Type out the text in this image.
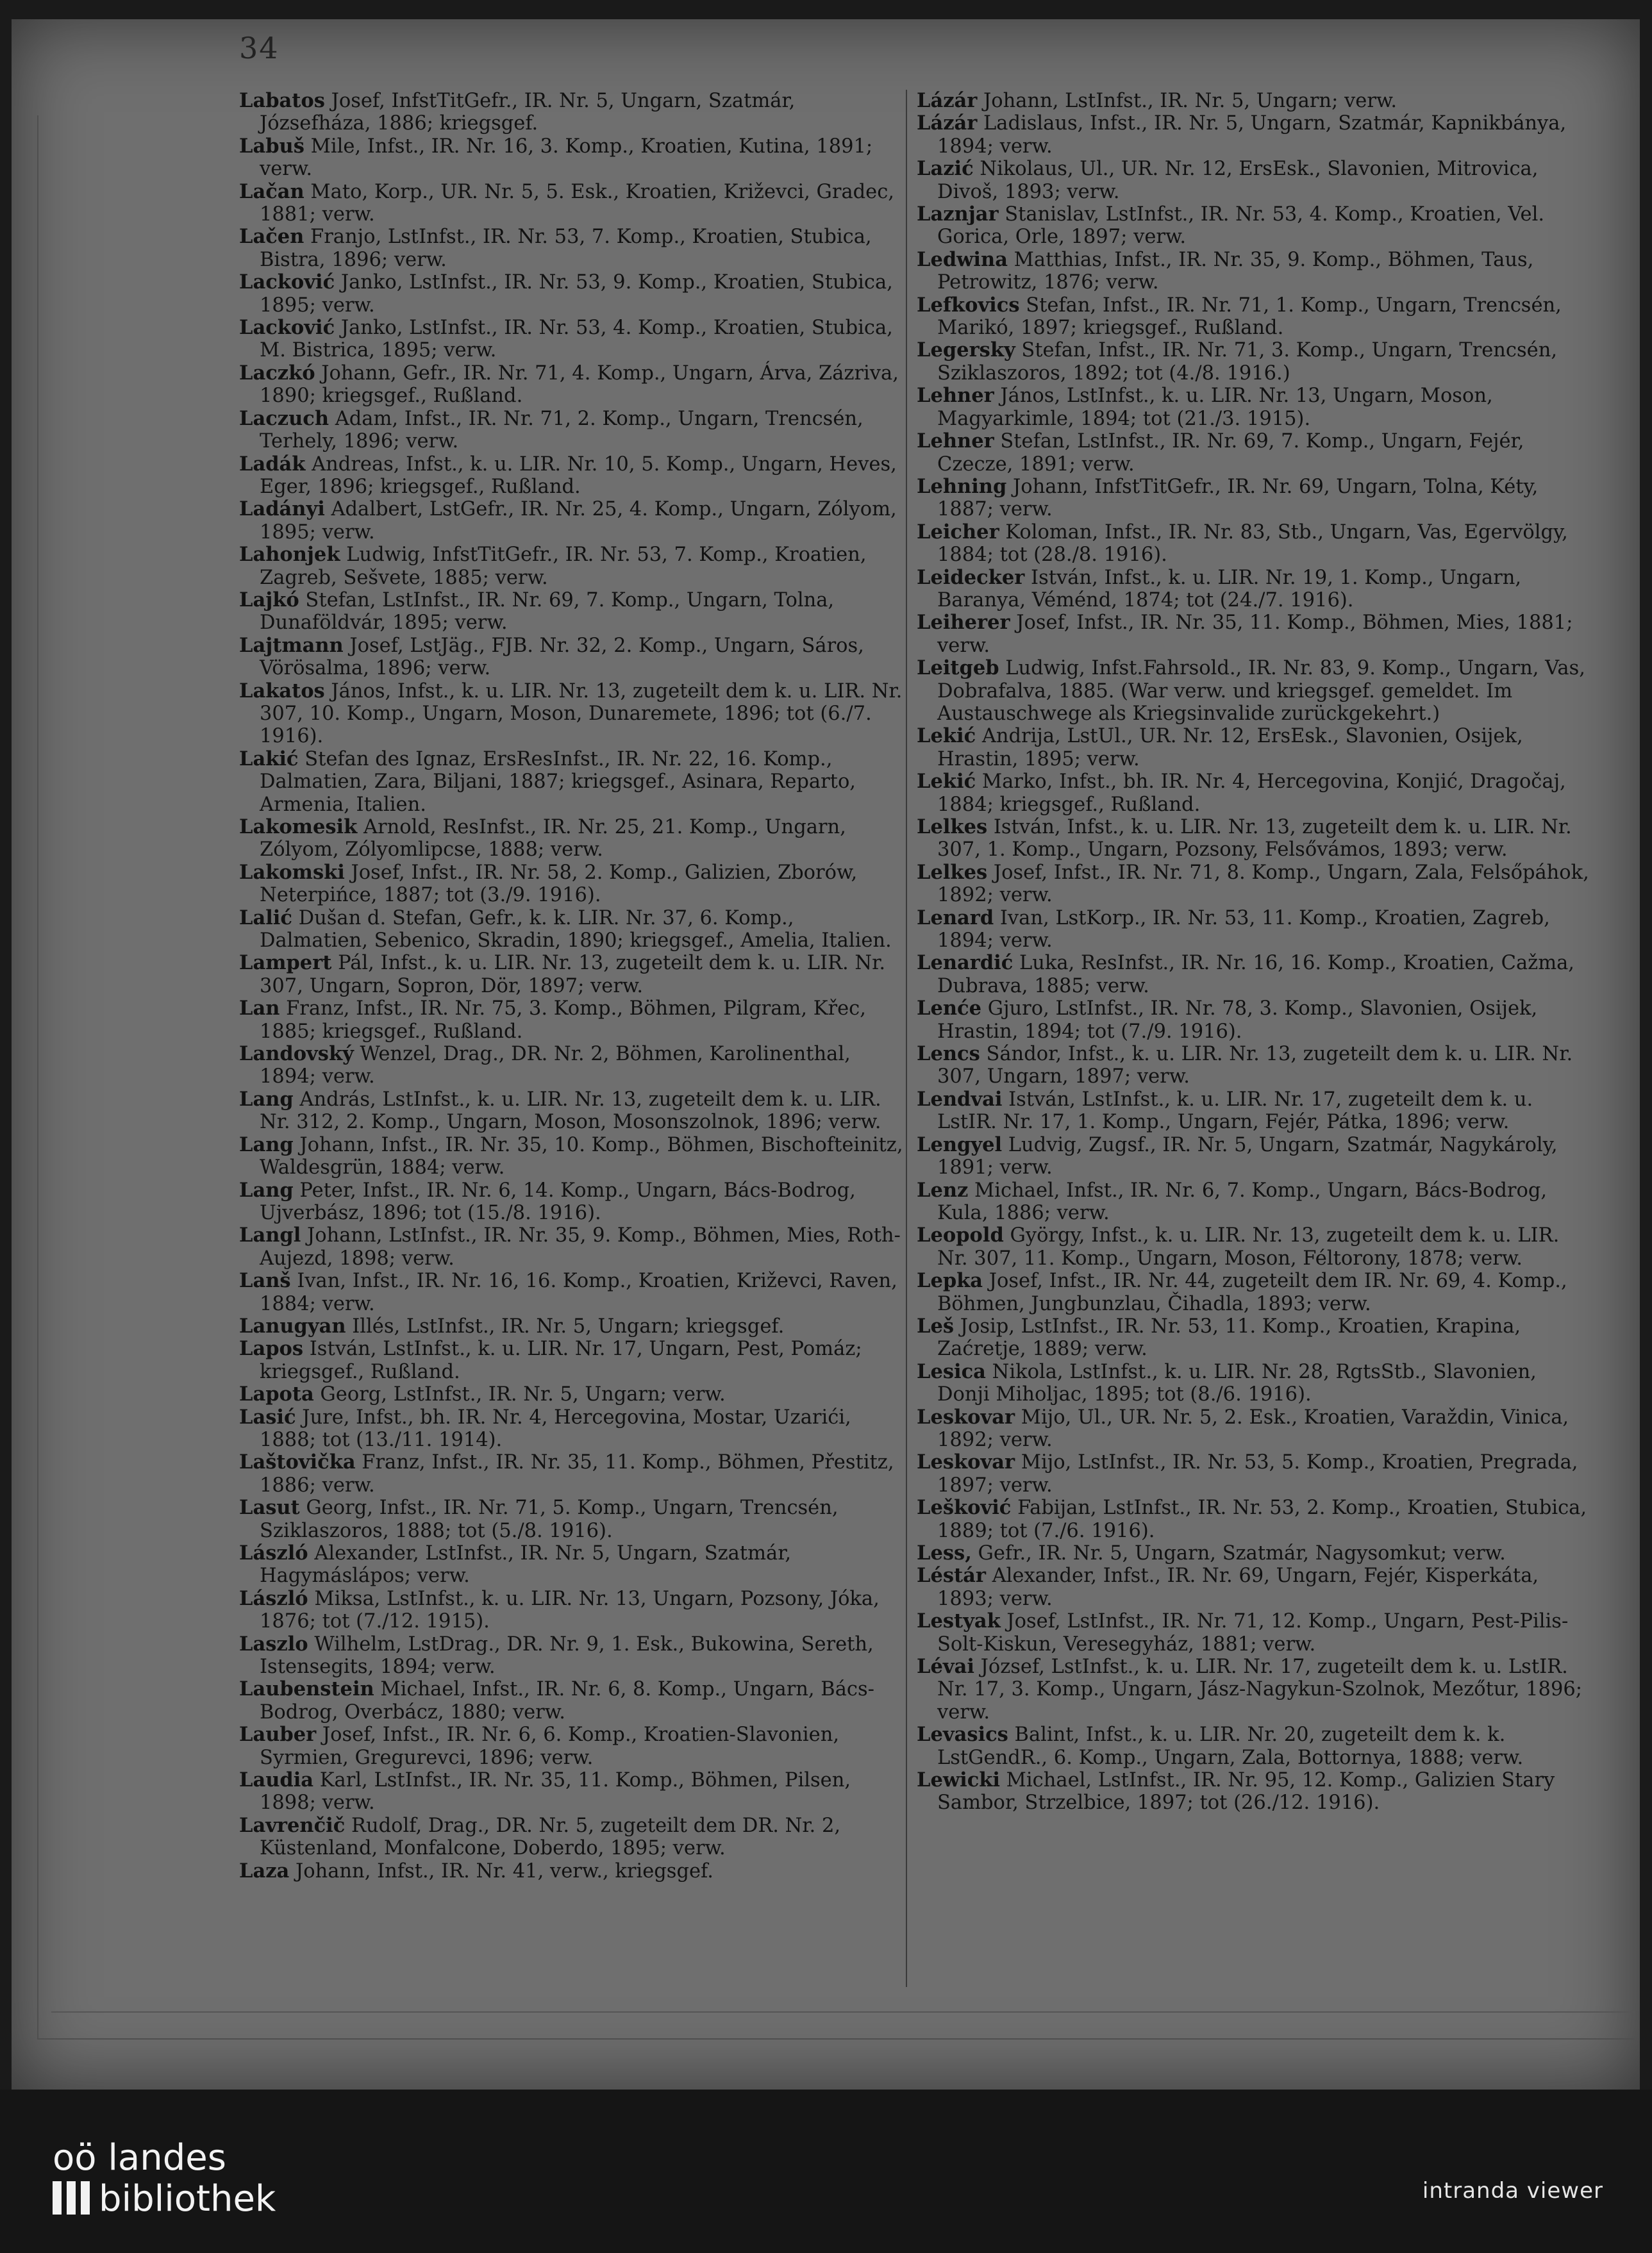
34

Labatos Josef, InfstTitGefr., IR. Nr. 5, Ungarn, Szatmár, Józsefháza, 1886; kriegsgef.

Labuš Mile, Infst., IR. Nr. 16, 3. Komp., Kroatien, Kutina, 1891; verw.

Lačan Mato, Korp., UR. Nr. 5, 5. Esk., Kroatien, Križevci, Gradec, 1881; verw.

Lačen Franjo, LstInfst., IR. Nr. 53, 7. Komp., Kroatien, Stubica, Bistra, 1896; verw.

Lacković Janko, LstInfst., IR. Nr. 53, 9. Komp., Kroatien, Stubica, 1895; verw.

Lacković Janko, LstInfst., IR. Nr. 53, 4. Komp., Kroatien, Stubica, M. Bistrica, 1895; verw.

Laczkó Johann, Gefr., IR. Nr. 71, 4. Komp., Ungarn, Árva, Zázriva, 1890; kriegsgef., Rußland.

Laczuch Adam, Infst., IR. Nr. 71, 2. Komp., Ungarn, Trencsén, Terhely, 1896; verw.

Ladák Andreas, Infst., k. u. LIR. Nr. 10, 5. Komp., Ungarn, Heves, Eger, 1896; kriegsgef., Rußland.

Ladányi Adalbert, LstGefr., IR. Nr. 25, 4. Komp., Ungarn, Zólyom, 1895; verw.

Lahonjek Ludwig, InfstTitGefr., IR. Nr. 53, 7. Komp., Kroatien, Zagreb, Sešvete, 1885; verw.

Lajkó Stefan, LstInfst., IR. Nr. 69, 7. Komp., Ungarn, Tolna, Dunaföldvár, 1895; verw.

Lajtmann Josef, LstJäg., FJB. Nr. 32, 2. Komp., Ungarn, Sáros, Vörösalma, 1896; verw.

Lakatos János, Infst., k. u. LIR. Nr. 13, zugeteilt dem k. u. LIR. Nr. 307, 10. Komp., Ungarn, Moson, Dunaremete, 1896; tot (6./7. 1916).

Lakić Stefan des Ignaz, ErsResInfst., IR. Nr. 22, 16. Komp., Dalmatien, Zara, Biljani, 1887; kriegsgef., Asinara, Reparto, Armenia, Italien.

Lakomesik Arnold, ResInfst., IR. Nr. 25, 21. Komp., Ungarn, Zólyom, Zólyomlipcse, 1888; verw.

Lakomski Josef, Infst., IR. Nr. 58, 2. Komp., Galizien, Zborów, Neterpińce, 1887; tot (3./9. 1916).

Lalić Dušan d. Stefan, Gefr., k. k. LIR. Nr. 37, 6. Komp., Dalmatien, Sebenico, Skradin, 1890; kriegsgef., Amelia, Italien.

Lampert Pál, Infst., k. u. LIR. Nr. 13, zugeteilt dem k. u. LIR. Nr. 307, Ungarn, Sopron, Dör, 1897; verw.

Lan Franz, Infst., IR. Nr. 75, 3. Komp., Böhmen, Pilgram, Křec, 1885; kriegsgef., Rußland.

Landovský Wenzel, Drag., DR. Nr. 2, Böhmen, Karolinenthal, 1894; verw.

Lang András, LstInfst., k. u. LIR. Nr. 13, zugeteilt dem k. u. LIR. Nr. 312, 2. Komp., Ungarn, Moson, Mosonszolnok, 1896; verw.

Lang Johann, Infst., IR. Nr. 35, 10. Komp., Böhmen, Bischofteinitz, Waldesgrün, 1884; verw.

Lang Peter, Infst., IR. Nr. 6, 14. Komp., Ungarn, Bács-Bodrog, Ujverbász, 1896; tot (15./8. 1916).

Langl Johann, LstInfst., IR. Nr. 35, 9. Komp., Böhmen, Mies, Roth-Aujezd, 1898; verw.

Lanš Ivan, Infst., IR. Nr. 16, 16. Komp., Kroatien, Križevci, Raven, 1884; verw.

Lanugyan Illés, LstInfst., IR. Nr. 5, Ungarn; kriegsgef.

Lapos István, LstInfst., k. u. LIR. Nr. 17, Ungarn, Pest, Pomáz; kriegsgef., Rußland.

Lapota Georg, LstInfst., IR. Nr. 5, Ungarn; verw.

Lasić Jure, Infst., bh. IR. Nr. 4, Hercegovina, Mostar, Uzarići, 1888; tot (13./11. 1914).

Laštovička Franz, Infst., IR. Nr. 35, 11. Komp., Böhmen, Přestitz, 1886; verw.

Lasut Georg, Infst., IR. Nr. 71, 5. Komp., Ungarn, Trencsén, Sziklaszoros, 1888; tot (5./8. 1916).

László Alexander, LstInfst., IR. Nr. 5, Ungarn, Szatmár, Hagymáslápos; verw.

László Miksa, LstInfst., k. u. LIR. Nr. 13, Ungarn, Pozsony, Jóka, 1876; tot (7./12. 1915).

Laszlo Wilhelm, LstDrag., DR. Nr. 9, 1. Esk., Bukowina, Sereth, Istensegits, 1894; verw.

Laubenstein Michael, Infst., IR. Nr. 6, 8. Komp., Ungarn, Bács-Bodrog, Overbácz, 1880; verw.

Lauber Josef, Infst., IR. Nr. 6, 6. Komp., Kroatien-Slavonien, Syrmien, Gregurevci, 1896; verw.

Laudia Karl, LstInfst., IR. Nr. 35, 11. Komp., Böhmen, Pilsen, 1898; verw.

Lavrenčič Rudolf, Drag., DR. Nr. 5, zugeteilt dem DR. Nr. 2, Küstenland, Monfalcone, Doberdo, 1895; verw.

Laza Johann, Infst., IR. Nr. 41, verw., kriegsgef.

Lázár Johann, LstInfst., IR. Nr. 5, Ungarn; verw.

Lázár Ladislaus, Infst., IR. Nr. 5, Ungarn, Szatmár, Kapnikbánya, 1894; verw.

Lazić Nikolaus, Ul., UR. Nr. 12, ErsEsk., Slavonien, Mitrovica, Divoš, 1893; verw.

Laznjar Stanislav, LstInfst., IR. Nr. 53, 4. Komp., Kroatien, Vel. Gorica, Orle, 1897; verw.

Ledwina Matthias, Infst., IR. Nr. 35, 9. Komp., Böhmen, Taus, Petrowitz, 1876; verw.

Lefkovics Stefan, Infst., IR. Nr. 71, 1. Komp., Ungarn, Trencsén, Marikó, 1897; kriegsgef., Rußland.

Legersky Stefan, Infst., IR. Nr. 71, 3. Komp., Ungarn, Trencsén, Sziklaszoros, 1892; tot (4./8. 1916.)

Lehner János, LstInfst., k. u. LIR. Nr. 13, Ungarn, Moson, Magyarkimle, 1894; tot (21./3. 1915).

Lehner Stefan, LstInfst., IR. Nr. 69, 7. Komp., Ungarn, Fejér, Czecze, 1891; verw.

Lehning Johann, InfstTitGefr., IR. Nr. 69, Ungarn, Tolna, Kéty, 1887; verw.

Leicher Koloman, Infst., IR. Nr. 83, Stb., Ungarn, Vas, Egervölgy, 1884; tot (28./8. 1916).

Leidecker István, Infst., k. u. LIR. Nr. 19, 1. Komp., Ungarn, Baranya, Véménd, 1874; tot (24./7. 1916).

Leiherer Josef, Infst., IR. Nr. 35, 11. Komp., Böhmen, Mies, 1881; verw.

Leitgeb Ludwig, Infst.Fahrsold., IR. Nr. 83, 9. Komp., Ungarn, Vas, Dobrafalva, 1885. (War verw. und kriegsgef. gemeldet. Im Austauschwege als Kriegsinvalide zurückgekehrt.)

Lekić Andrija, LstUl., UR. Nr. 12, ErsEsk., Slavonien, Osijek, Hrastin, 1895; verw.

Lekić Marko, Infst., bh. IR. Nr. 4, Hercegovina, Konjić, Dragočaj, 1884; kriegsgef., Rußland.

Lelkes István, Infst., k. u. LIR. Nr. 13, zugeteilt dem k. u. LIR. Nr. 307, 1. Komp., Ungarn, Pozsony, Felsővámos, 1893; verw.

Lelkes Josef, Infst., IR. Nr. 71, 8. Komp., Ungarn, Zala, Felsőpáhok, 1892; verw.

Lenard Ivan, LstKorp., IR. Nr. 53, 11. Komp., Kroatien, Zagreb, 1894; verw.

Lenardić Luka, ResInfst., IR. Nr. 16, 16. Komp., Kroatien, Cažma, Dubrava, 1885; verw.

Lenće Gjuro, LstInfst., IR. Nr. 78, 3. Komp., Slavonien, Osijek, Hrastin, 1894; tot (7./9. 1916).

Lencs Sándor, Infst., k. u. LIR. Nr. 13, zugeteilt dem k. u. LIR. Nr. 307, Ungarn, 1897; verw.

Lendvai István, LstInfst., k. u. LIR. Nr. 17, zugeteilt dem k. u. LstIR. Nr. 17, 1. Komp., Ungarn, Fejér, Pátka, 1896; verw.

Lengyel Ludvig, Zugsf., IR. Nr. 5, Ungarn, Szatmár, Nagykároly, 1891; verw.

Lenz Michael, Infst., IR. Nr. 6, 7. Komp., Ungarn, Bács-Bodrog, Kula, 1886; verw.

Leopold György, Infst., k. u. LIR. Nr. 13, zugeteilt dem k. u. LIR. Nr. 307, 11. Komp., Ungarn, Moson, Féltorony, 1878; verw.

Lepka Josef, Infst., IR. Nr. 44, zugeteilt dem IR. Nr. 69, 4. Komp., Böhmen, Jungbunzlau, Čihadla, 1893; verw.

Leš Josip, LstInfst., IR. Nr. 53, 11. Komp., Kroatien, Krapina, Zaćretje, 1889; verw.

Lesica Nikola, LstInfst., k. u. LIR. Nr. 28, RgtsStb., Slavonien, Donji Miholjac, 1895; tot (8./6. 1916).

Leskovar Mijo, Ul., UR. Nr. 5, 2. Esk., Kroatien, Varaždin, Vinica, 1892; verw.

Leskovar Mijo, LstInfst., IR. Nr. 53, 5. Komp., Kroatien, Pregrada, 1897; verw.

Lešković Fabijan, LstInfst., IR. Nr. 53, 2. Komp., Kroatien, Stubica, 1889; tot (7./6. 1916).

Less, Gefr., IR. Nr. 5, Ungarn, Szatmár, Nagysomkut; verw.

Léstár Alexander, Infst., IR. Nr. 69, Ungarn, Fejér, Kisperkáta, 1893; verw.

Lestyak Josef, LstInfst., IR. Nr. 71, 12. Komp., Ungarn, Pest-Pilis-Solt-Kiskun, Veresegyház, 1881; verw.

Lévai József, LstInfst., k. u. LIR. Nr. 17, zugeteilt dem k. u. LstIR. Nr. 17, 3. Komp., Ungarn, Jász-Nagykun-Szolnok, Mezőtur, 1896; verw.

Levasics Balint, Infst., k. u. LIR. Nr. 20, zugeteilt dem k. k. LstGendR., 6. Komp., Ungarn, Zala, Bottornya, 1888; verw.

Lewicki Michael, LstInfst., IR. Nr. 95, 12. Komp., Galizien Stary Sambor, Strzelbice, 1897; tot (26./12. 1916).

oö landes
bibliothek	intranda viewer
